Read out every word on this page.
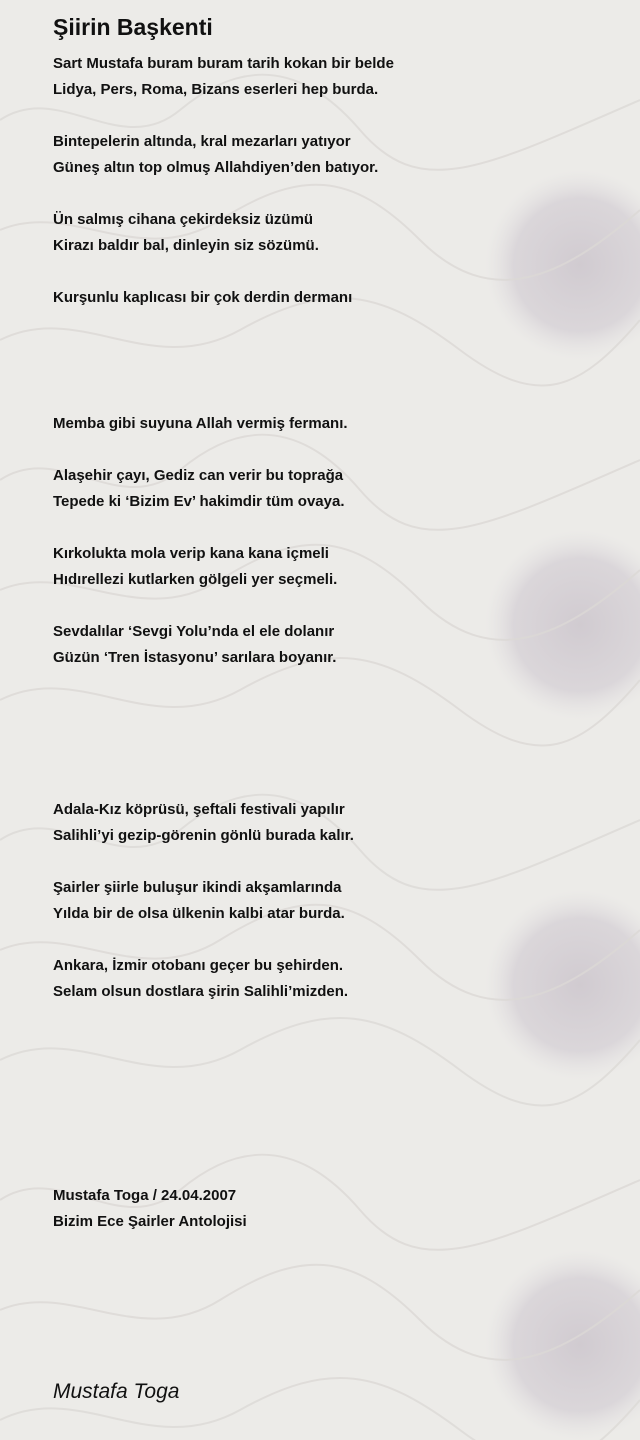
Şiirin Başkenti
Sart Mustafa buram buram tarih kokan bir belde
Lidya, Pers, Roma, Bizans eserleri hep burda.
Bintepelerin altında, kral mezarları yatıyor
Güneş altın top olmuş Allahdiyen’den batıyor.
Ün salmış cihana çekirdeksiz üzümü
Kirazı baldır bal, dinleyin siz sözümü.
Kurşunlu kaplıcası bir çok derdin dermanı
Memba gibi suyuna Allah vermiş fermanı.
Alaşehir çayı, Gediz can verir bu toprağa
Tepede ki ‘Bizim Ev’ hakimdir tüm ovaya.
Kırkolukta mola verip kana kana içmeli
Hıdırellezi kutlarken gölgeli yer seçmeli.
Sevdalılar ‘Sevgi Yolu’nda el ele dolanır
Güzün ‘Tren İstasyonu’ sarılara boyanır.
Adala-Kız köprüsü, şeftali festivali yapılır
Salihli’yi gezip-görenin gönlü burada kalır.
Şairler şiirle buluşur ikindi akşamlarında
Yılda bir de olsa ülkenin kalbi atar burda.
Ankara, İzmir otobanı geçer bu şehirden.
Selam olsun dostlara şirin Salihli’mizden.
Mustafa Toga / 24.04.2007
Bizim Ece Şairler Antolojisi
Mustafa Toga
